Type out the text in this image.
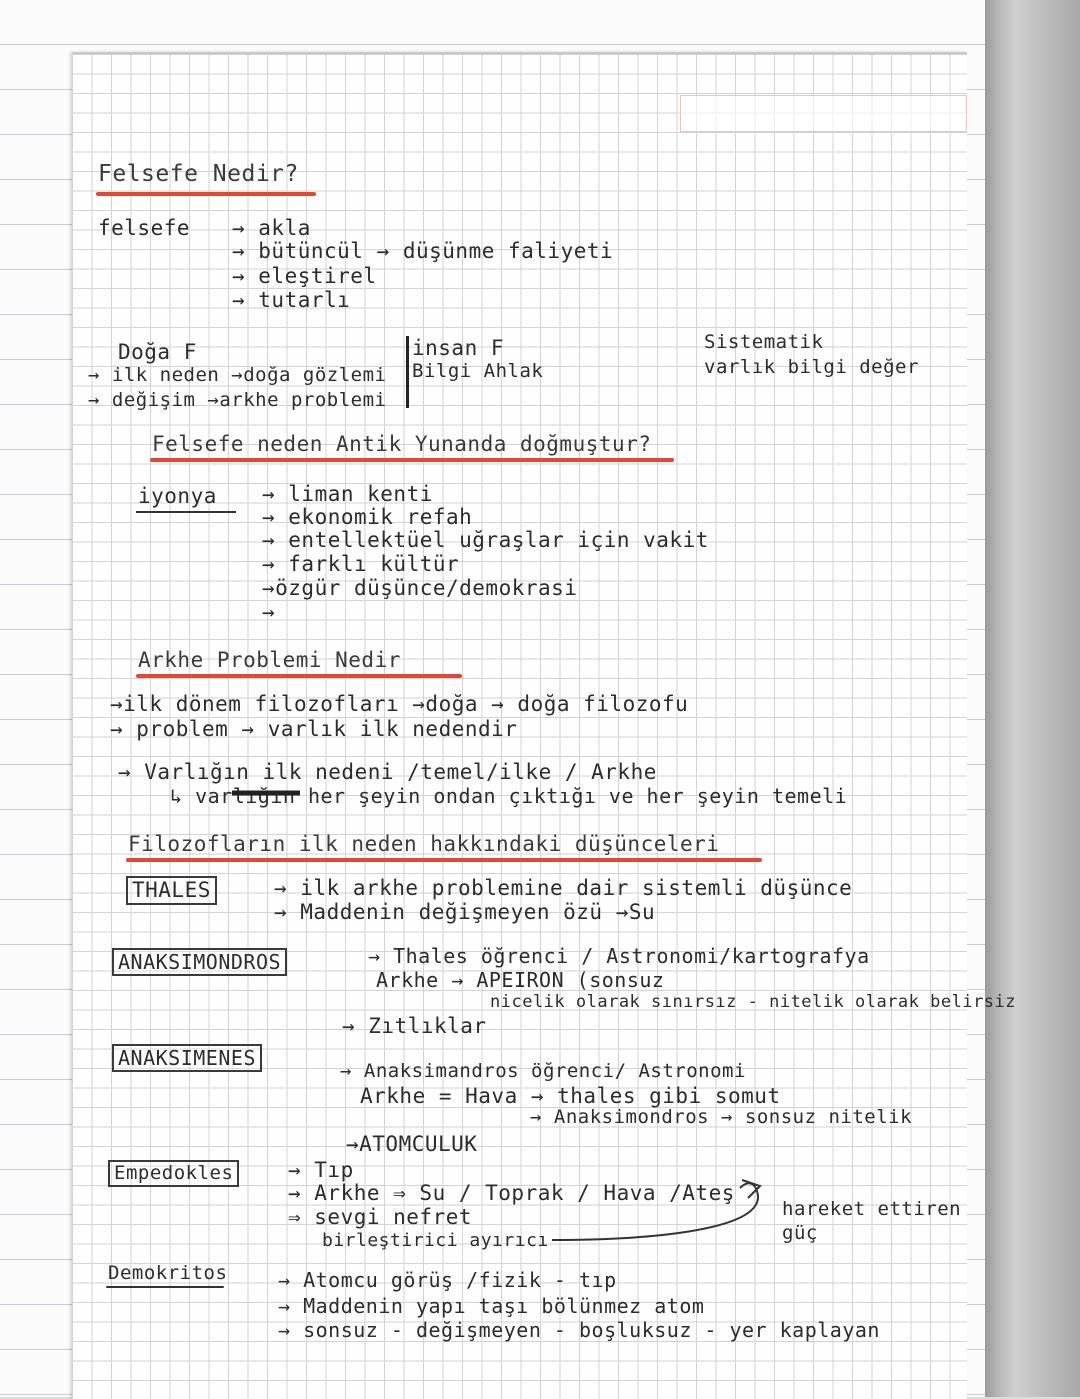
Felsefe Nedir?

felsefe → akla

→ bütüncül → düşünme faliyeti

→ eleştirel

→ tutarlı

Doğa F

→ ilk neden →doğa gözlemi

→ değişim →arkhe problemi

insan F

Bilgi Ahlak

Sistematik

varlık bilgi değer

Felsefe neden Antik Yunanda doğmuştur?

iyonya → liman kenti

→ ekonomik refah

→ entellektüel uğraşlar için vakit

→ farklı kültür

→özgür düşünce/demokrasi

→

Arkhe Problemi Nedir

→ilk dönem filozofları →doğa → doğa filozofu

→ problem → varlık ilk nedendir

→ Varlığın ilk nedeni /temel/ilke / Arkhe

↳ varlığın her şeyin ondan çıktığı ve her şeyin temeli

Filozofların ilk neden hakkındaki düşünceleri

THALES	→ ilk arkhe problemine dair sistemli düşünce

→ Maddenin değişmeyen özü →Su

ANAKSIMONDROS	→ Thales öğrenci / Astronomi/kartografya

Arkhe → APEIRON (sonsuz

nicelik olarak sınırsız - nitelik olarak belirsiz

→ Zıtlıklar

ANAKSIMENES

→ Anaksimandros öğrenci/ Astronomi

Arkhe = Hava → thales gibi somut

→ Anaksimondros → sonsuz nitelik

→ATOMCULUK

Empedokles	→ Tıp

→ Arkhe ⇒ Su / Toprak / Hava /Ateş

⇒ sevgi nefret

birleştirici ayırıcı

hareket ettiren

güç

Demokritos	→ Atomcu görüş /fizik - tıp

→ Maddenin yapı taşı bölünmez atom

→ sonsuz - değişmeyen - boşluksuz - yer kaplayan
